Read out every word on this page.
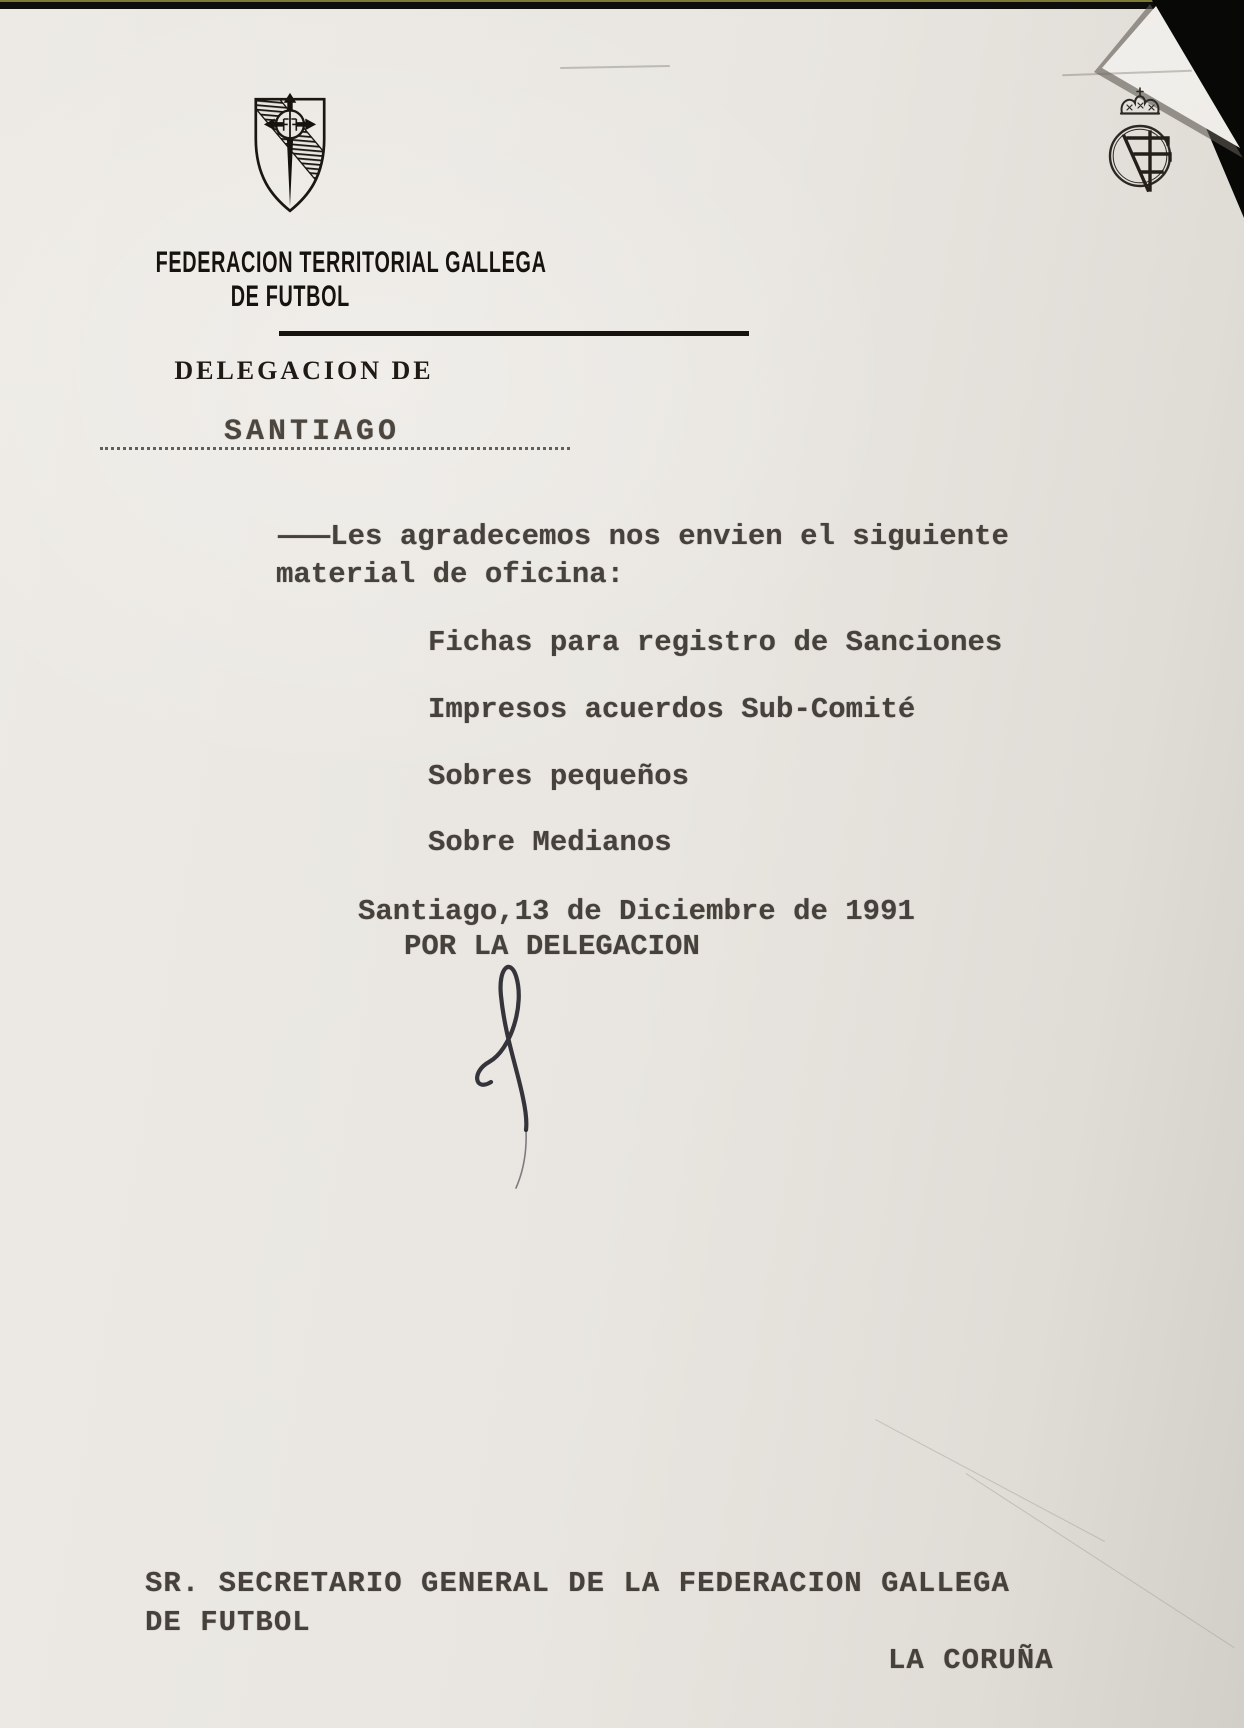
FEDERACION TERRITORIAL GALLEGA
DE FUTBOL
DELEGACION DE
SANTIAGO
———Les agradecemos nos envien el siguiente
material de oficina:
Fichas para registro de Sanciones
Impresos acuerdos Sub-Comité
Sobres pequeños
Sobre Medianos
Santiago,13 de Diciembre de 1991
POR LA DELEGACION
SR. SECRETARIO GENERAL DE LA FEDERACION GALLEGA
DE FUTBOL
LA CORUÑA
